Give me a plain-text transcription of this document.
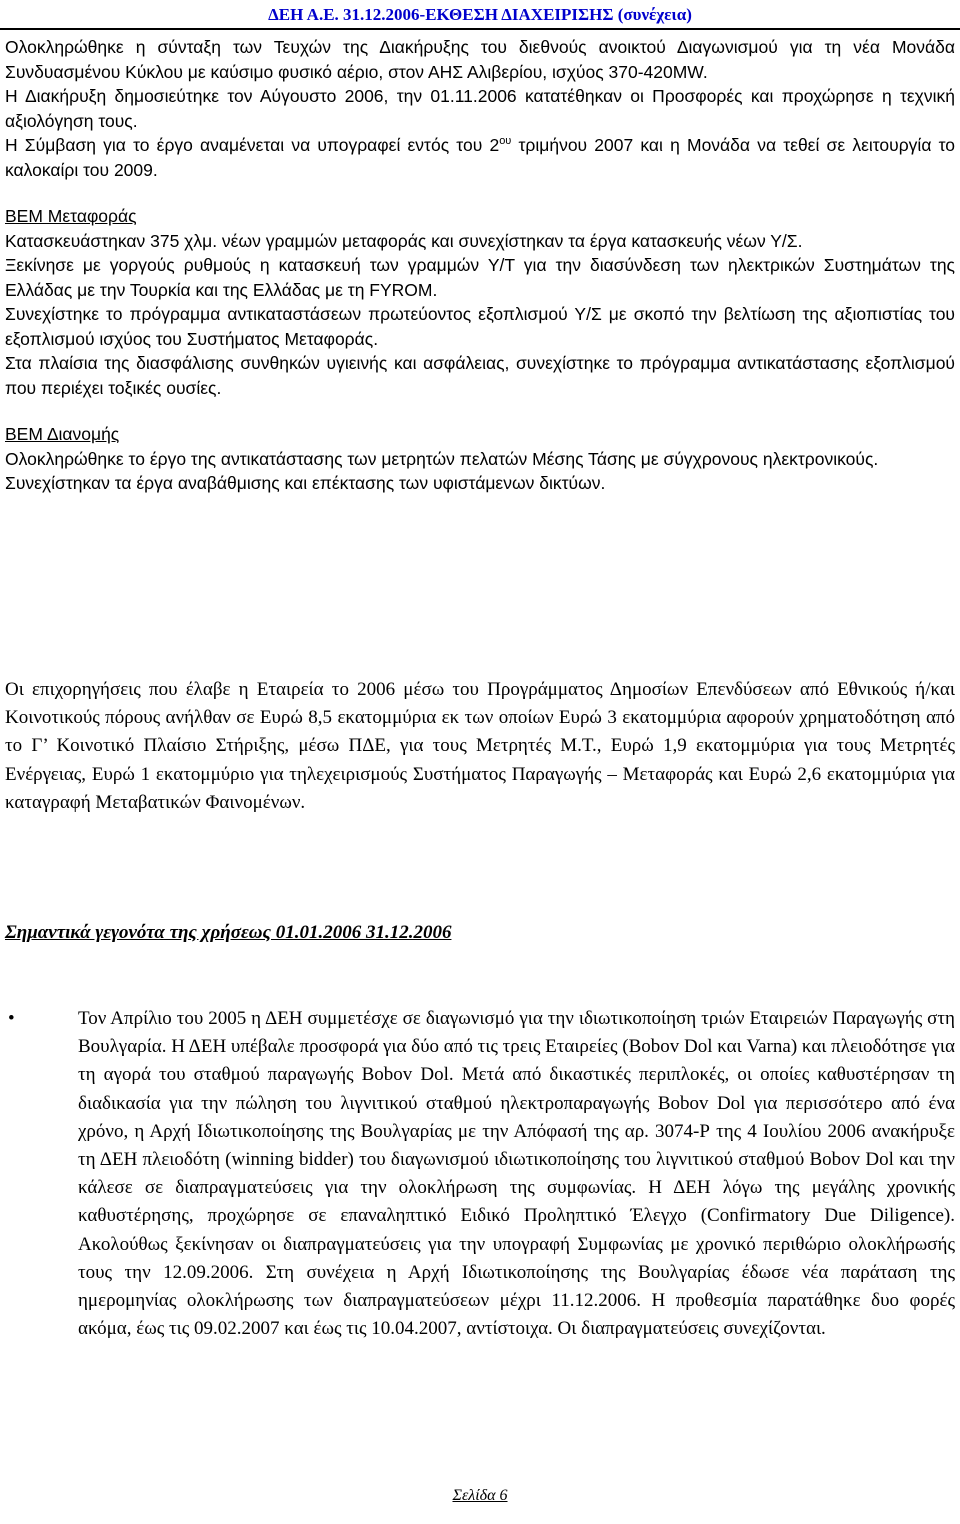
ΔΕΗ Α.Ε. 31.12.2006-ΕΚΘΕΣΗ ΔΙΑΧΕΙΡΙΣΗΣ (συνέχεια)

Ολοκληρώθηκε η σύνταξη των Τευχών της Διακήρυξης του διεθνούς ανοικτού Διαγωνισμού για τη νέα Μονάδα Συνδυασμένου Κύκλου με καύσιμο φυσικό αέριο, στον ΑΗΣ Αλιβερίου, ισχύος 370-420MW.

Η Διακήρυξη δημοσιεύτηκε τον Αύγουστο 2006, την 01.11.2006 κατατέθηκαν οι Προσφορές και προχώρησε η τεχνική αξιολόγηση τους.

Η Σύμβαση για το έργο αναμένεται να υπογραφεί εντός του $2^{o\upsilon}$ τριμήνου 2007 και η Μονάδα να τεθεί σε λειτουργία το καλοκαίρι του 2009.

ΒΕΜ Μεταφοράς

Κατασκευάστηκαν 375 χλμ. νέων γραμμών μεταφοράς και συνεχίστηκαν τα έργα κατασκευής νέων Υ/Σ.

Ξεκίνησε με γοργούς ρυθμούς η κατασκευή των γραμμών Υ/Τ για την διασύνδεση των ηλεκτρικών Συστημάτων της Ελλάδας με την Τουρκία και της Ελλάδας με τη FYROM.

Συνεχίστηκε το πρόγραμμα αντικαταστάσεων πρωτεύοντος εξοπλισμού Υ/Σ με σκοπό την βελτίωση της αξιοπιστίας του εξοπλισμού ισχύος του Συστήματος Μεταφοράς.

Στα πλαίσια της διασφάλισης συνθηκών υγιεινής και ασφάλειας, συνεχίστηκε το πρόγραμμα αντικατάστασης εξοπλισμού που περιέχει τοξικές ουσίες.

ΒΕΜ Διανομής

Ολοκληρώθηκε το έργο της αντικατάστασης των μετρητών πελατών Μέσης Τάσης με σύγχρονους ηλεκτρονικούς.

Συνεχίστηκαν τα έργα αναβάθμισης και επέκτασης των υφιστάμενων δικτύων.

Οι επιχορηγήσεις που έλαβε η Εταιρεία το 2006 μέσω του Προγράμματος Δημοσίων Επενδύσεων από Εθνικούς ή/και Κοινοτικούς πόρους ανήλθαν σε Ευρώ 8,5 εκατομμύρια εκ των οποίων Ευρώ 3 εκατομμύρια αφορούν χρηματοδότηση από το Γ’ Κοινοτικό Πλαίσιο Στήριξης, μέσω ΠΔΕ, για τους Μετρητές Μ.Τ., Ευρώ 1,9 εκατομμύρια για τους Μετρητές Ενέργειας, Ευρώ 1 εκατομμύριο για τηλεχειρισμούς Συστήματος Παραγωγής – Μεταφοράς και Ευρώ 2,6 εκατομμύρια για καταγραφή Μεταβατικών Φαινομένων.

Σημαντικά γεγονότα της χρήσεως 01.01.2006 31.12.2006
•	Τον Απρίλιο του 2005 η ΔΕΗ συμμετέσχε σε διαγωνισμό για την ιδιωτικοποίηση τριών Εταιρειών Παραγωγής στη Βουλγαρία. Η ΔΕΗ υπέβαλε προσφορά για δύο από τις τρεις Εταιρείες (Bobov Dol και Varna) και πλειοδότησε για τη αγορά του σταθμού παραγωγής Bobov Dol. Μετά από δικαστικές περιπλοκές, οι οποίες καθυστέρησαν τη διαδικασία για την πώληση του λιγνιτικού σταθμού ηλεκτροπαραγωγής Bobov Dol για περισσότερο από ένα χρόνο, η Αρχή Ιδιωτικοποίησης της Βουλγαρίας με την Απόφασή της αρ. 3074-Ρ της 4 Ιουλίου 2006 ανακήρυξε τη ΔΕΗ πλειοδότη (winning bidder) του διαγωνισμού ιδιωτικοποίησης του λιγνιτικού σταθμού Bobov Dol και την κάλεσε σε διαπραγματεύσεις για την ολοκλήρωση της συμφωνίας. Η ΔΕΗ λόγω της μεγάλης χρονικής καθυστέρησης, προχώρησε σε επαναληπτικό Ειδικό Προληπτικό Έλεγχο (Confirmatory Due Diligence). Ακολούθως ξεκίνησαν οι διαπραγματεύσεις για την υπογραφή Συμφωνίας με χρονικό περιθώριο ολοκλήρωσής τους την 12.09.2006. Στη συνέχεια η Αρχή Ιδιωτικοποίησης της Βουλγαρίας έδωσε νέα παράταση της ημερομηνίας ολοκλήρωσης των διαπραγματεύσεων μέχρι 11.12.2006. Η προθεσμία παρατάθηκε δυο φορές ακόμα, έως τις 09.02.2007 και έως τις 10.04.2007, αντίστοιχα. Οι διαπραγματεύσεις συνεχίζονται.

Σελίδα 6
